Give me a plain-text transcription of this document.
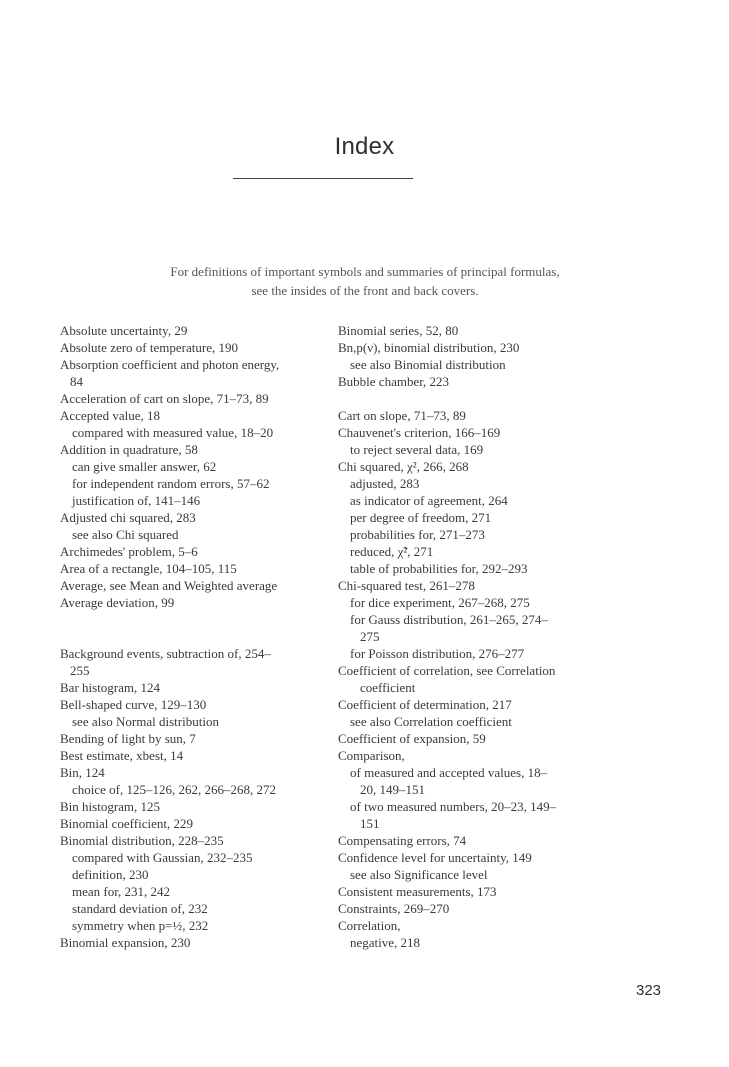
Index
For definitions of important symbols and summaries of principal formulas,
see the insides of the front and back covers.
Absolute uncertainty, 29
Absolute zero of temperature, 190
Absorption coefficient and photon energy,
84
Acceleration of cart on slope, 71–73, 89
Accepted value, 18
compared with measured value, 18–20
Addition in quadrature, 58
can give smaller answer, 62
for independent random errors, 57–62
justification of, 141–146
Adjusted chi squared, 283
see also Chi squared
Archimedes' problem, 5–6
Area of a rectangle, 104–105, 115
Average, see Mean and Weighted average
Average deviation, 99
Background events, subtraction of, 254–
255
Bar histogram, 124
Bell-shaped curve, 129–130
see also Normal distribution
Bending of light by sun, 7
Best estimate, xbest, 14
Bin, 124
choice of, 125–126, 262, 266–268, 272
Bin histogram, 125
Binomial coefficient, 229
Binomial distribution, 228–235
compared with Gaussian, 232–235
definition, 230
mean for, 231, 242
standard deviation of, 232
symmetry when p=½, 232
Binomial expansion, 230
Binomial series, 52, 80
Bn,p(ν), binomial distribution, 230
see also Binomial distribution
Bubble chamber, 223
Cart on slope, 71–73, 89
Chauvenet's criterion, 166–169
to reject several data, 169
Chi squared, χ², 266, 268
adjusted, 283
as indicator of agreement, 264
per degree of freedom, 271
probabilities for, 271–273
reduced, χ̃², 271
table of probabilities for, 292–293
Chi-squared test, 261–278
for dice experiment, 267–268, 275
for Gauss distribution, 261–265, 274–
275
for Poisson distribution, 276–277
Coefficient of correlation, see Correlation
coefficient
Coefficient of determination, 217
see also Correlation coefficient
Coefficient of expansion, 59
Comparison,
of measured and accepted values, 18–
20, 149–151
of two measured numbers, 20–23, 149–
151
Compensating errors, 74
Confidence level for uncertainty, 149
see also Significance level
Consistent measurements, 173
Constraints, 269–270
Correlation,
negative, 218
323
